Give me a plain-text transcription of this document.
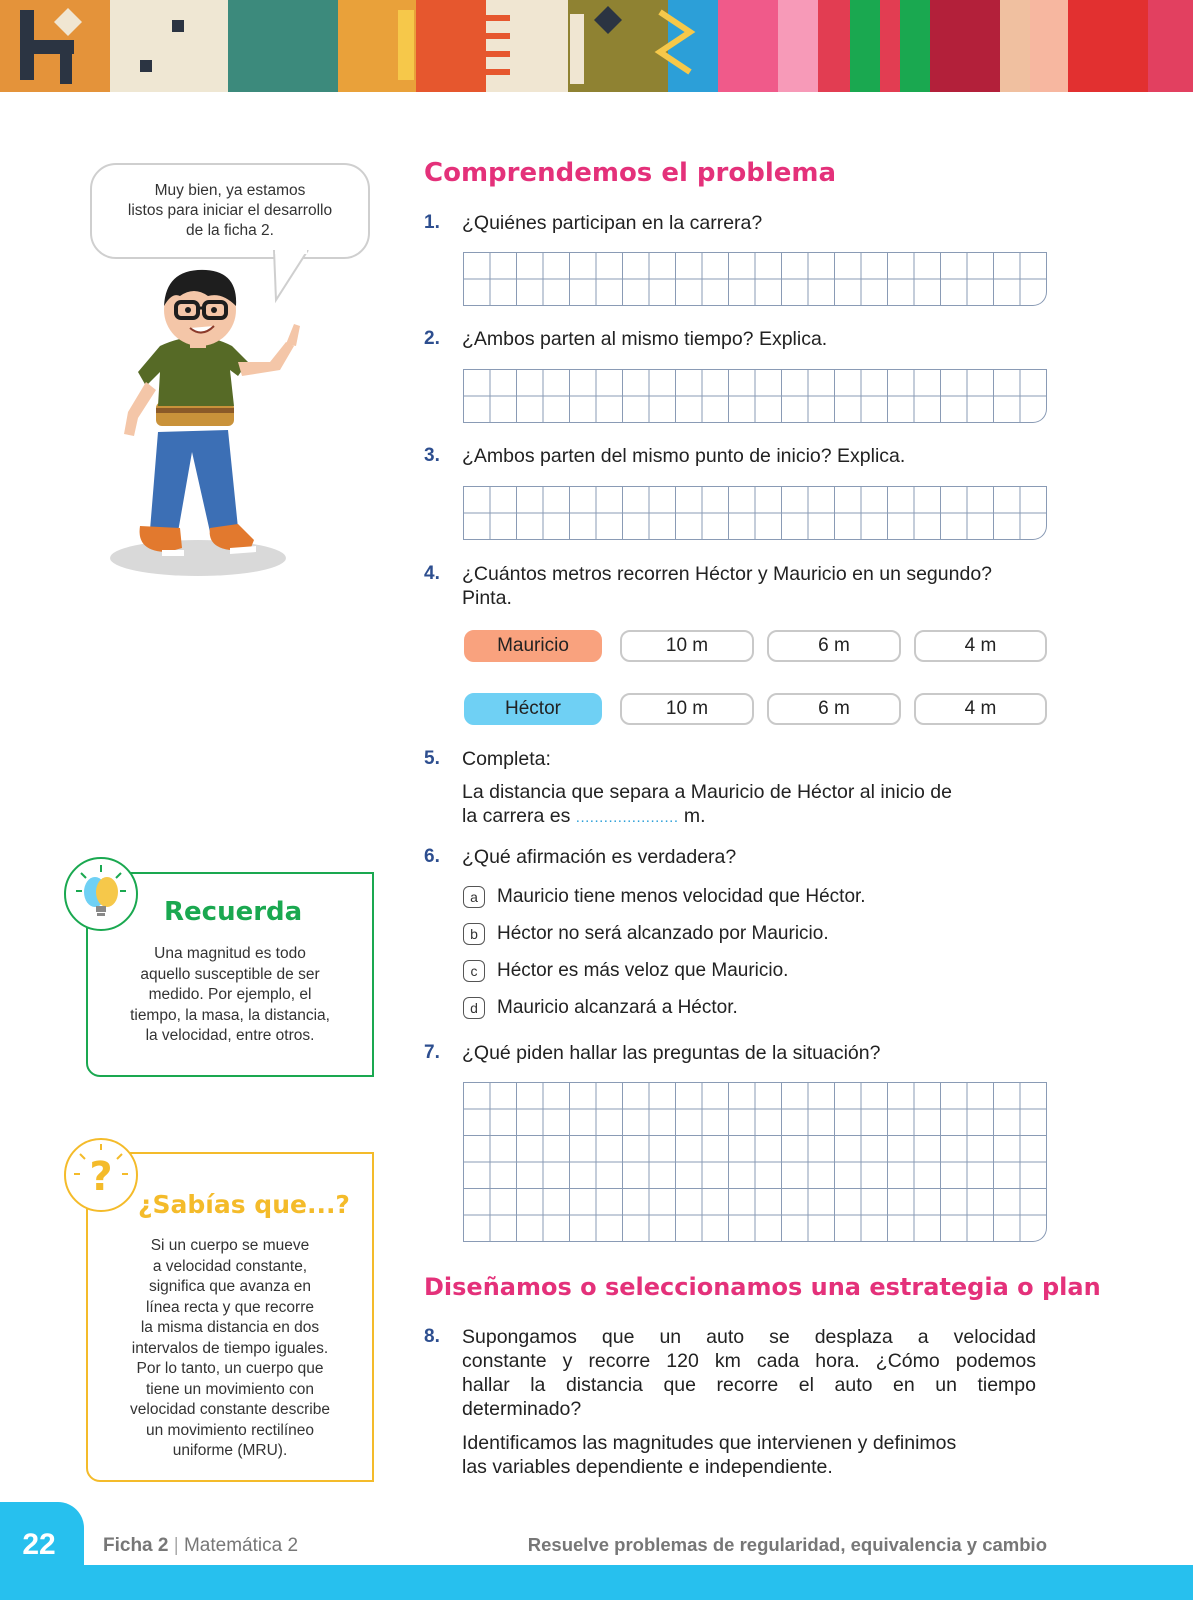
Muy bien, ya estamos
listos para iniciar el desarrollo
de la ficha 2.
Comprendemos el problema
1. ¿Quiénes participan en la carrera?
2. ¿Ambos parten al mismo tiempo? Explica.
3. ¿Ambos parten del mismo punto de inicio? Explica.
4. ¿Cuántos metros recorren Héctor y Mauricio en un segundo?
Pinta.
Mauricio	10 m	6 m	4 m
Héctor	10 m	6 m	4 m
5. Completa:
La distancia que separa a Mauricio de Héctor al inicio de
la carrera es ...................... m.
6. ¿Qué afirmación es verdadera?
a	Mauricio tiene menos velocidad que Héctor.
b	Héctor no será alcanzado por Mauricio.
c	Héctor es más veloz que Mauricio.
d	Mauricio alcanzará a Héctor.
7. ¿Qué piden hallar las preguntas de la situación?
Diseñamos o seleccionamos una estrategia o plan
8. Supongamos que un auto se desplaza a velocidad
constante y recorre 120 km cada hora. ¿Cómo podemos
hallar la distancia que recorre el auto en un tiempo
determinado?
Identificamos las magnitudes que intervienen y definimos
las variables dependiente e independiente.
Recuerda
Una magnitud es todo
aquello susceptible de ser
medido. Por ejemplo, el
tiempo, la masa, la distancia,
la velocidad, entre otros.
?
¿Sabías que...?
Si un cuerpo se mueve
a velocidad constante,
significa que avanza en
línea recta y que recorre
la misma distancia en dos
intervalos de tiempo iguales.
Por lo tanto, un cuerpo que
tiene un movimiento con
velocidad constante describe
un movimiento rectilíneo
uniforme (MRU).
22	Ficha 2 | Matemática 2	Resuelve problemas de regularidad, equivalencia y cambio
